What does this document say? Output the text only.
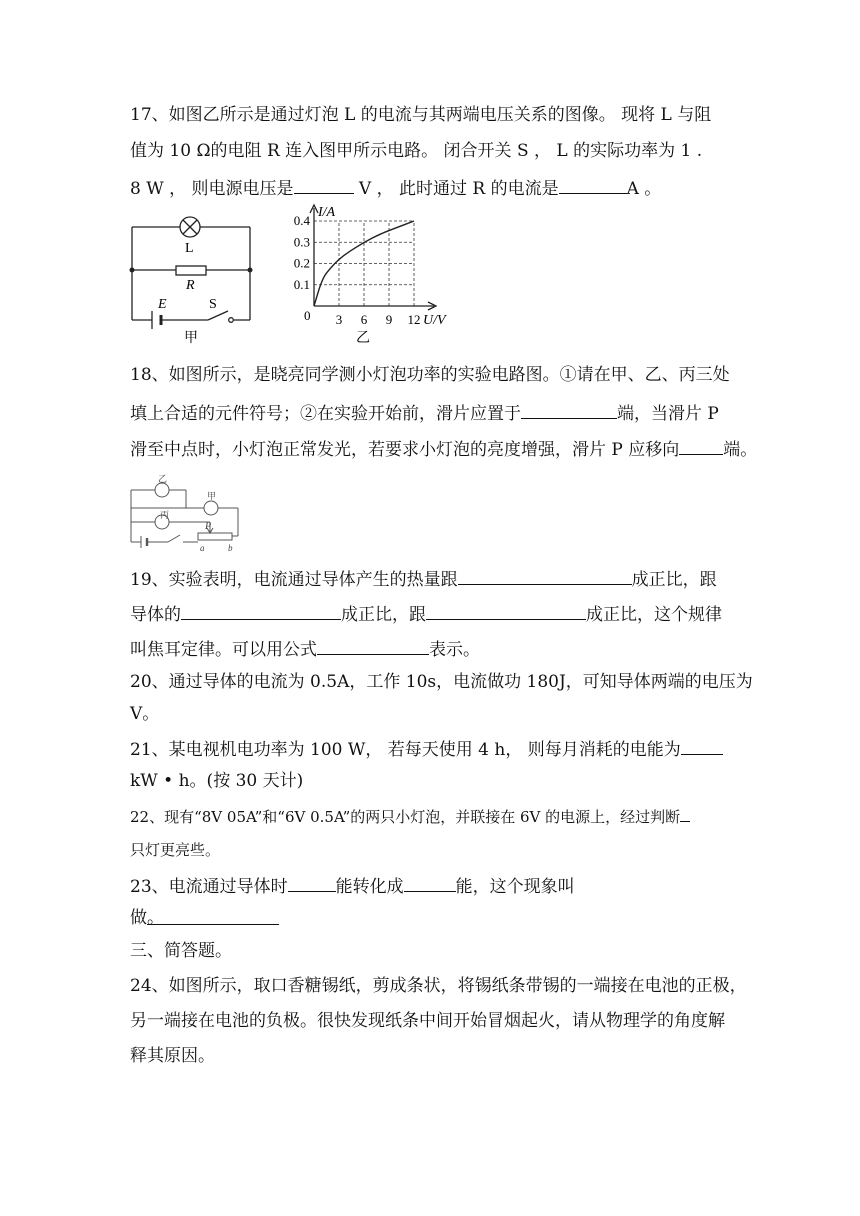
17、如图乙所示是通过灯泡 L 的电流与其两端电压关系的图像。 现将 L 与阻
值为 10 Ω的电阻 R 连入图甲所示电路。 闭合开关 S ， L 的实际功率为 1 .
8 W ， 则电源电压是	V ， 此时通过 R 的电流是	A 。
L
R
E	S
甲
0.1
0.2
0.3
0.4
3 6 9 12
I/A
U/V
0
乙
18、如图所示，是晓亮同学测小灯泡功率的实验电路图。①请在甲、乙、丙三处
填上合适的元件符号；②在实验开始前，滑片应置于	端，当滑片 P
滑至中点时，小灯泡正常发光，若要求小灯泡的亮度增强，滑片 P 应移向	端。
乙
甲
丙
P
a	b
19、实验表明，电流通过导体产生的热量跟	成正比，跟
导体的	成正比，跟	成正比，这个规律
叫焦耳定律。可以用公式	表示。
20、通过导体的电流为 0.5A，工作 10s，电流做功 180J，可知导体两端的电压为
V。
21、某电视机电功率为 100 W， 若每天使用 4 h， 则每月消耗的电能为
kW • h。(按 30 天计)
22、现有“8V 05A”和“6V 0.5A”的两只小灯泡，并联接在 6V 的电源上，经过判断
只灯更亮些。
23、电流通过导体时	能转化成	能，这个现象叫
做。
三、简答题。
24、如图所示，取口香糖锡纸，剪成条状，将锡纸条带锡的一端接在电池的正极，
另一端接在电池的负极。很快发现纸条中间开始冒烟起火，请从物理学的角度解
释其原因。
